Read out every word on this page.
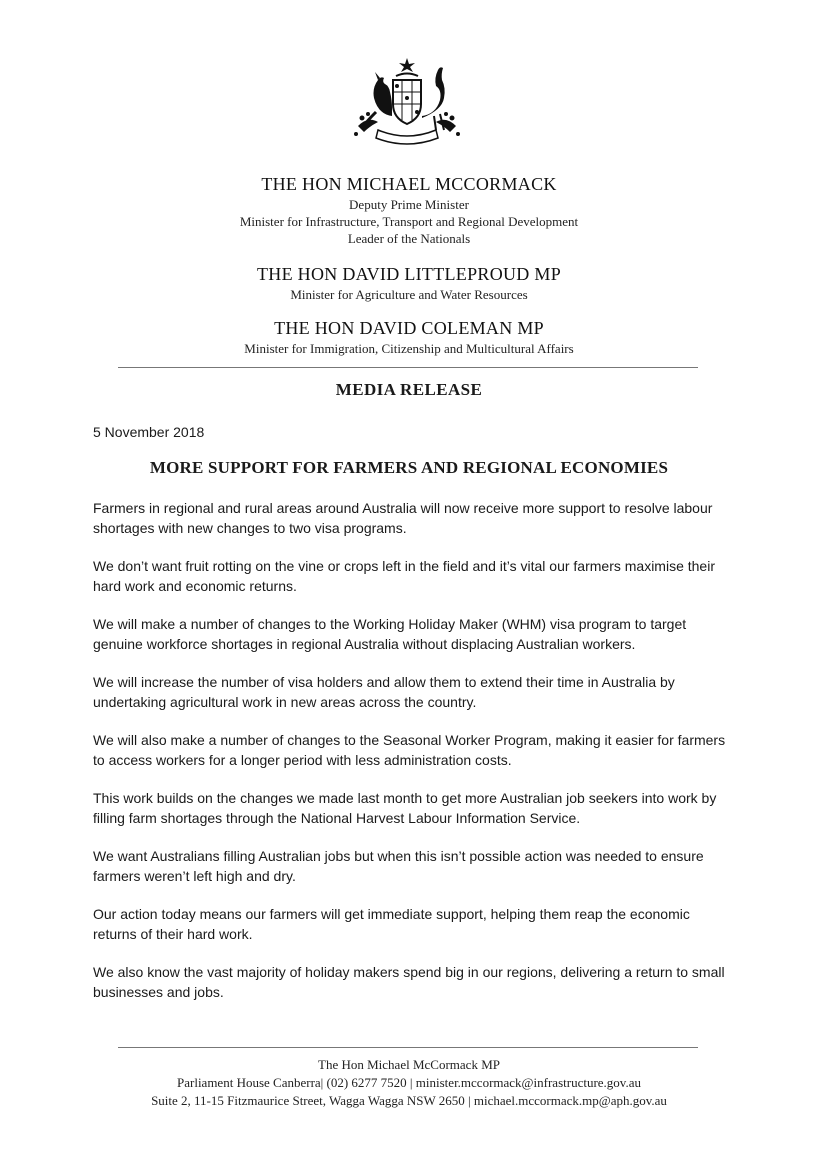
THE HON MICHAEL MCCORMACK
Deputy Prime Minister
Minister for Infrastructure, Transport and Regional Development
Leader of the Nationals
THE HON DAVID LITTLEPROUD MP
Minister for Agriculture and Water Resources
THE HON DAVID COLEMAN MP
Minister for Immigration, Citizenship and Multicultural Affairs
MEDIA RELEASE
5 November 2018
MORE SUPPORT FOR FARMERS AND REGIONAL ECONOMIES

Farmers in regional and rural areas around Australia will now receive more support to resolve labour shortages with new changes to two visa programs.

We don’t want fruit rotting on the vine or crops left in the field and it’s vital our farmers maximise their hard work and economic returns.

We will make a number of changes to the Working Holiday Maker (WHM) visa program to target genuine workforce shortages in regional Australia without displacing Australian workers.

We will increase the number of visa holders and allow them to extend their time in Australia by undertaking agricultural work in new areas across the country.

We will also make a number of changes to the Seasonal Worker Program, making it easier for farmers to access workers for a longer period with less administration costs.

This work builds on the changes we made last month to get more Australian job seekers into work by filling farm shortages through the National Harvest Labour Information Service.

We want Australians filling Australian jobs but when this isn’t possible action was needed to ensure farmers weren’t left high and dry.

Our action today means our farmers will get immediate support, helping them reap the economic returns of their hard work.

We also know the vast majority of holiday makers spend big in our regions, delivering a return to small businesses and jobs.

The Hon Michael McCormack MP
Parliament House Canberra| (02) 6277 7520 | minister.mccormack@infrastructure.gov.au
Suite 2, 11-15 Fitzmaurice Street, Wagga Wagga NSW 2650 | michael.mccormack.mp@aph.gov.au
